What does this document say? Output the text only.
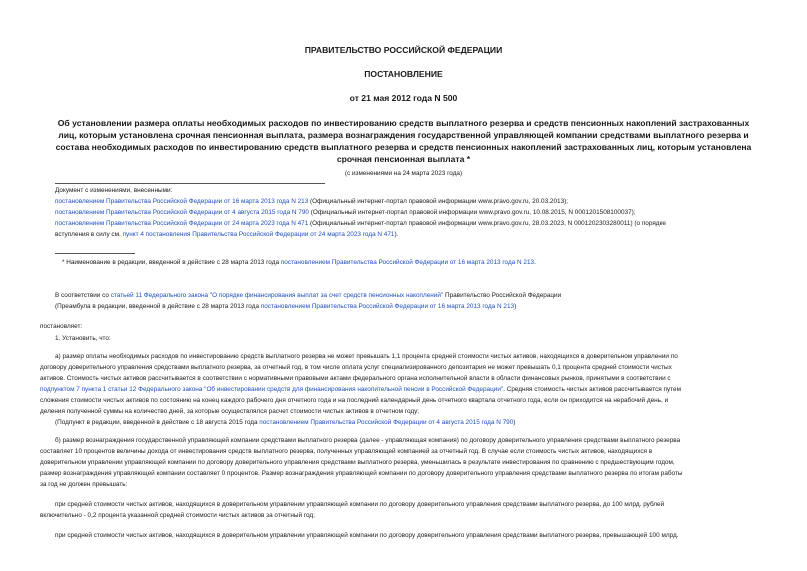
ПРАВИТЕЛЬСТВО РОССИЙСКОЙ ФЕДЕРАЦИИ
ПОСТАНОВЛЕНИЕ
от 21 мая 2012 года N 500
Об установлении размера оплаты необходимых расходов по инвестированию средств выплатного резерва и средств пенсионных накоплений застрахованных
лиц, которым установлена срочная пенсионная выплата, размера вознаграждения государственной управляющей компании средствами выплатного резерва и
состава необходимых расходов по инвестированию средств выплатного резерва и средств пенсионных накоплений застрахованных лиц, которым установлена
срочная пенсионная выплата *
(с изменениями на 24 марта 2023 года)
Документ с изменениями, внесенными:
постановлением Правительства Российской Федерации от 16 марта 2013 года N 213 (Официальный интернет-портал правовой информации www.pravo.gov.ru, 20.03.2013);
постановлением Правительства Российской Федерации от 4 августа 2015 года N 790 (Официальный интернет-портал правовой информации www.pravo.gov.ru, 10.08.2015, N 0001201508100037);
постановлением Правительства Российской Федерации от 24 марта 2023 года N 471 (Официальный интернет-портал правовой информации www.pravo.gov.ru, 28.03.2023, N 0001202303280011) (о порядке
вступления в силу см. пункт 4 постановления Правительства Российской Федерации от 24 марта 2023 года N 471).
* Наименование в редакции, введенной в действие с 28 марта 2013 года постановлением Правительства Российской Федерации от 16 марта 2013 года N 213.
В соответствии со статьей 11 Федерального закона "О порядке финансирования выплат за счет средств пенсионных накоплений" Правительство Российской Федерации
(Преамбула в редакции, введенной в действие с 28 марта 2013 года постановлением Правительства Российской Федерации от 16 марта 2013 года N 213)
постановляет:
1. Установить, что:
а) размер оплаты необходимых расходов по инвестированию средств выплатного резерва не может превышать 1,1 процента средней стоимости чистых активов, находящихся в доверительном управлении по
договору доверительного управления средствами выплатного резерва, за отчетный год, в том числе оплата услуг специализированного депозитария не может превышать 0,1 процента средней стоимости чистых
активов. Стоимость чистых активов рассчитывается в соответствии с нормативными правовыми актами федерального органа исполнительной власти в области финансовых рынков, принятыми в соответствии с
подпунктом 7 пункта 1 статьи 12 Федерального закона "Об инвестировании средств для финансирования накопительной пенсии в Российской Федерации". Средняя стоимость чистых активов рассчитывается путем
сложения стоимости чистых активов по состоянию на конец каждого рабочего дня отчетного года и на последний календарный день отчетного квартала отчетного года, если он приходится на нерабочий день, и
деления полученной суммы на количество дней, за которые осуществлялся расчет стоимости чистых активов в отчетном году;
(Подпункт в редакции, введенной в действие с 18 августа 2015 года постановлением Правительства Российской Федерации от 4 августа 2015 года N 790)
б) размер вознаграждения государственной управляющей компании средствами выплатного резерва (далее - управляющая компания) по договору доверительного управления средствами выплатного резерва
составляет 10 процентов величины дохода от инвестирования средств выплатного резерва, полученных управляющей компанией за отчетный год. В случае если стоимость чистых активов, находящихся в
доверительном управлении управляющей компании по договору доверительного управления средствами выплатного резерва, уменьшилась в результате инвестирования по сравнению с предшествующим годом,
размер вознаграждения управляющей компании составляет 0 процентов. Размер вознаграждения управляющей компании по договору доверительного управления средствами выплатного резерва по итогам работы
за год не должен превышать:
при средней стоимости чистых активов, находящихся в доверительном управлении управляющей компании по договору доверительного управления средствами выплатного резерва, до 100 млрд. рублей
включительно - 0,2 процента указанной средней стоимости чистых активов за отчетный год;
при средней стоимости чистых активов, находящихся в доверительном управлении управляющей компании по договору доверительного управления средствами выплатного резерва, превышающей 100 млрд.
